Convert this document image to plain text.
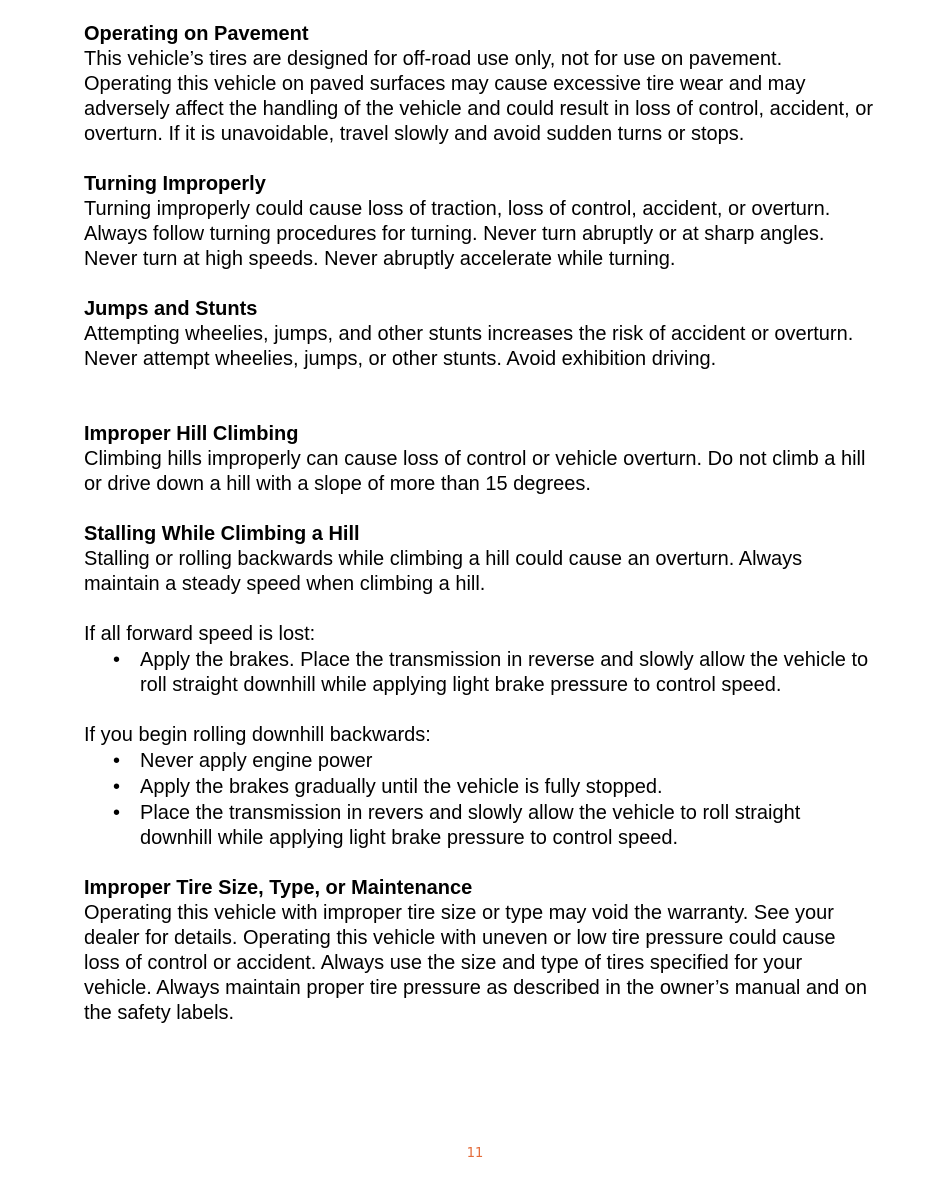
Operating on Pavement
This vehicle’s tires are designed for off-road use only, not for use on pavement. Operating this vehicle on paved surfaces may cause excessive tire wear and may adversely affect the handling of the vehicle and could result in loss of control, accident, or overturn. If it is unavoidable, travel slowly and avoid sudden turns or stops.
Turning Improperly
Turning improperly could cause loss of traction, loss of control, accident, or overturn. Always follow turning procedures for turning. Never turn abruptly or at sharp angles. Never turn at high speeds. Never abruptly accelerate while turning.
Jumps and Stunts
Attempting wheelies, jumps, and other stunts increases the risk of accident or overturn. Never attempt wheelies, jumps, or other stunts. Avoid exhibition driving.
Improper Hill Climbing
Climbing hills improperly can cause loss of control or vehicle overturn. Do not climb a hill or drive down a hill with a slope of more than 15 degrees.
Stalling While Climbing a Hill
Stalling or rolling backwards while climbing a hill could cause an overturn. Always maintain a steady speed when climbing a hill.
If all forward speed is lost:
• Apply the brakes. Place the transmission in reverse and slowly allow the vehicle to roll straight downhill while applying light brake pressure to control speed.
If you begin rolling downhill backwards:
• Never apply engine power
• Apply the brakes gradually until the vehicle is fully stopped.
• Place the transmission in revers and slowly allow the vehicle to roll straight downhill while applying light brake pressure to control speed.
Improper Tire Size, Type, or Maintenance
Operating this vehicle with improper tire size or type may void the warranty. See your dealer for details. Operating this vehicle with uneven or low tire pressure could cause loss of control or accident. Always use the size and type of tires specified for your vehicle. Always maintain proper tire pressure as described in the owner’s manual and on the safety labels.
11
